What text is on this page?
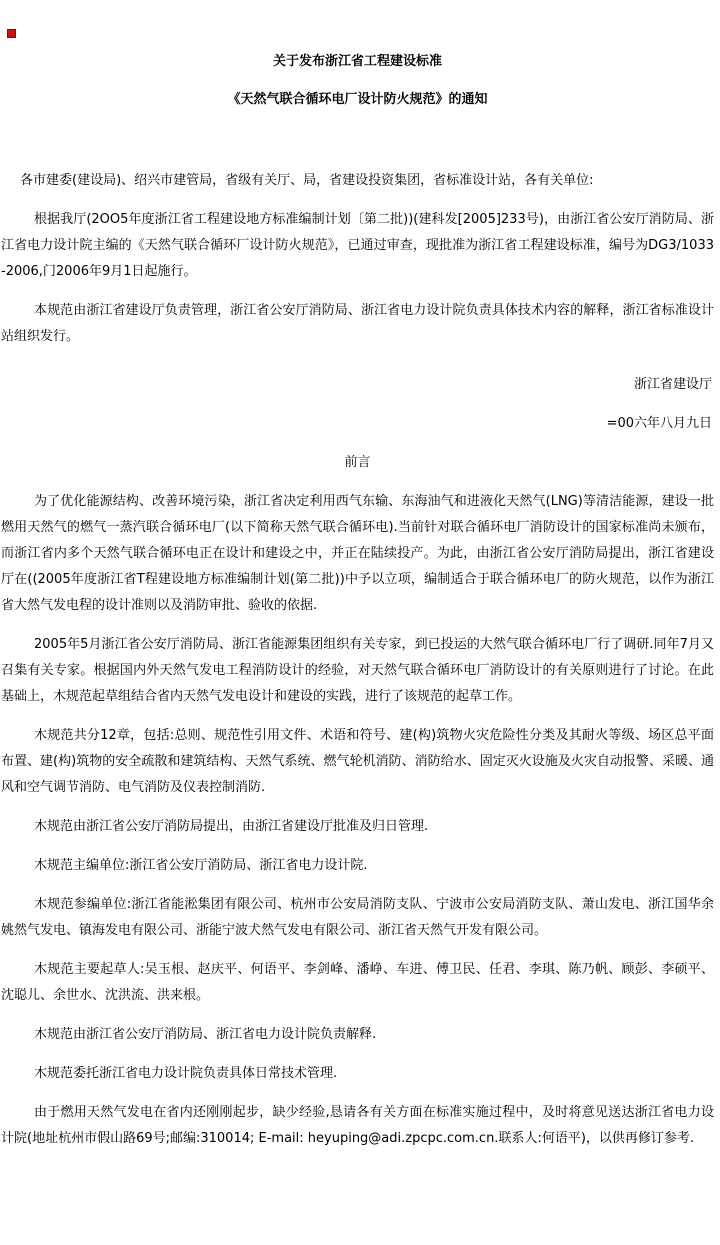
关于发布浙江省工程建设标准
《天然气联合循环电厂设计防火规范》的通知

各市建委(建设局)、绍兴市建管局，省级有关厅、局，省建设投资集团，省标准设计站，各有关单位:

根据我厅(2OO5年度浙江省工程建设地方标准编制计划〔第二批))(建科发[2005]233号)，由浙江省公安厅消防局、浙江省电力设计院主编的《天然气联合循环厂设计防火规范》，已通过审查，现批准为浙江省工程建设标准，编号为DG3/1033-2006,门2006年9月1日起施行。

本规范由浙江省建设厅负责管理，浙江省公安厅消防局、浙江省电力设计院负责具体技术内容的解释，浙江省标准设计站组织发行。

浙江省建设厅

=00六年八月九日

前言

为了优化能源结构、改善环境污染，浙江省决定利用西气东输、东海油气和进液化天然气(LNG)等清洁能源，建设一批燃用天然气的燃气一蒸汽联合循环电厂(以下简称天然气联合循环电).当前针对联合循环电厂消防设计的国家标准尚未颁布，而浙江省内多个天然气联合循环电正在设计和建设之中，并正在陆续投产。为此，由浙江省公安厅消防局提出，浙江省建设厅在((2005年度浙江省T程建设地方标准编制计划(第二批))中予以立项，编制适合于联合循环电厂的防火规范，以作为浙江省大然气发电程的设计准则以及消防审批、验收的依据.

2005年5月浙江省公安厅消防局、浙江省能源集团组织有关专家，到已投运的大然气联合循环电厂行了调研.同年7月又召集有关专家。根据国内外天然气发电工程消防设计的经验，对天然气联合循环电厂消防设计的有关原则进行了讨论。在此基础上，木规范起草组结合省内天然气发电设计和建设的实践，进行了该规范的起草工作。

木规范共分12章，包括:总则、规范性引用文件、术语和符号、建(构)筑物火灾危险性分类及其耐火等级、场区总平面布置、建(构)筑物的安全疏散和建筑结构、天然气系统、燃气轮机消防、消防给水、固定灭火设施及火灾自动报警、采暖、通风和空气调节消防、电气消防及仪表控制消防.

木规范由浙江省公安厅消防局提出，由浙江省建设厅批准及归日管理.

木规范主编单位:浙江省公安厅消防局、浙江省电力设计院.

木规范参编单位:浙江省能淞集团有限公司、杭州市公安局消防支队、宁波市公安局消防支队、萧山发电、浙江国华余姚然气发电、镇海发电有限公司、浙能宁波犬然气发电有限公司、浙江省天然气开发有限公司。

木规范主要起草人:吴玉根、赵庆平、何语平、李剑峰、潘峥、车进、傅卫民、任君、李琪、陈乃帆、顾彭、李硕平、沈聪儿、余世水、沈洪流、洪来根。

木规范由浙江省公安厅消防局、浙江省电力设计院负责解释.

木规范委托浙江省电力设计院负责具体日常技术管理.

由于燃用天然气发电在省内还刚刚起步，缺少经验,恳请各有关方面在标准实施过程中，及时将意见送达浙江省电力设计院(地址杭州市假山路69号;邮编:310014; E-mail: heyuping@adi.zpcpc.com.cn.联系人:何语平)，以供再修订参考.
